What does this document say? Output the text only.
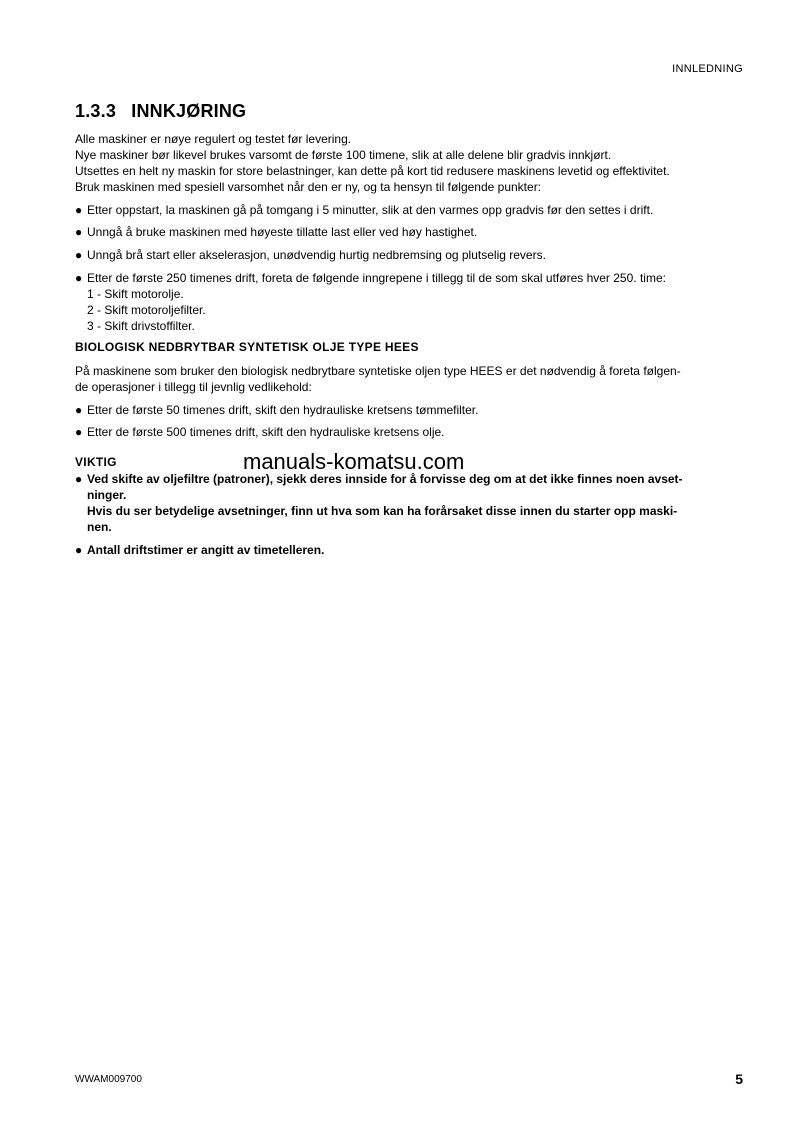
INNLEDNING
1.3.3 INNKJØRING
Alle maskiner er nøye regulert og testet før levering.
Nye maskiner bør likevel brukes varsomt de første 100 timene, slik at alle delene blir gradvis innkjørt.
Utsettes en helt ny maskin for store belastninger, kan dette på kort tid redusere maskinens levetid og effektivitet.
Bruk maskinen med spesiell varsomhet når den er ny, og ta hensyn til følgende punkter:
● Etter oppstart, la maskinen gå på tomgang i 5 minutter, slik at den varmes opp gradvis før den settes i drift.
● Unngå å bruke maskinen med høyeste tillatte last eller ved høy hastighet.
● Unngå brå start eller akselerasjon, unødvendig hurtig nedbremsing og plutselig revers.
● Etter de første 250 timenes drift, foreta de følgende inngrepene i tillegg til de som skal utføres hver 250. time:
1 - Skift motorolje.
2 - Skift motoroljefilter.
3 - Skift drivstoffilter.
BIOLOGISK NEDBRYTBAR SYNTETISK OLJE TYPE HEES
På maskinene som bruker den biologisk nedbrytbare syntetiske oljen type HEES er det nødvendig å foreta følgen-
de operasjoner i tillegg til jevnlig vedlikehold:
● Etter de første 50 timenes drift, skift den hydrauliske kretsens tømmefilter.
● Etter de første 500 timenes drift, skift den hydrauliske kretsens olje.
VIKTIG	manuals-komatsu.com
● Ved skifte av oljefiltre (patroner), sjekk deres innside for å forvisse deg om at det ikke finnes noen avset-
ninger.
Hvis du ser betydelige avsetninger, finn ut hva som kan ha forårsaket disse innen du starter opp maski-
nen.
● Antall driftstimer er angitt av timetelleren.
WWAM009700	5
